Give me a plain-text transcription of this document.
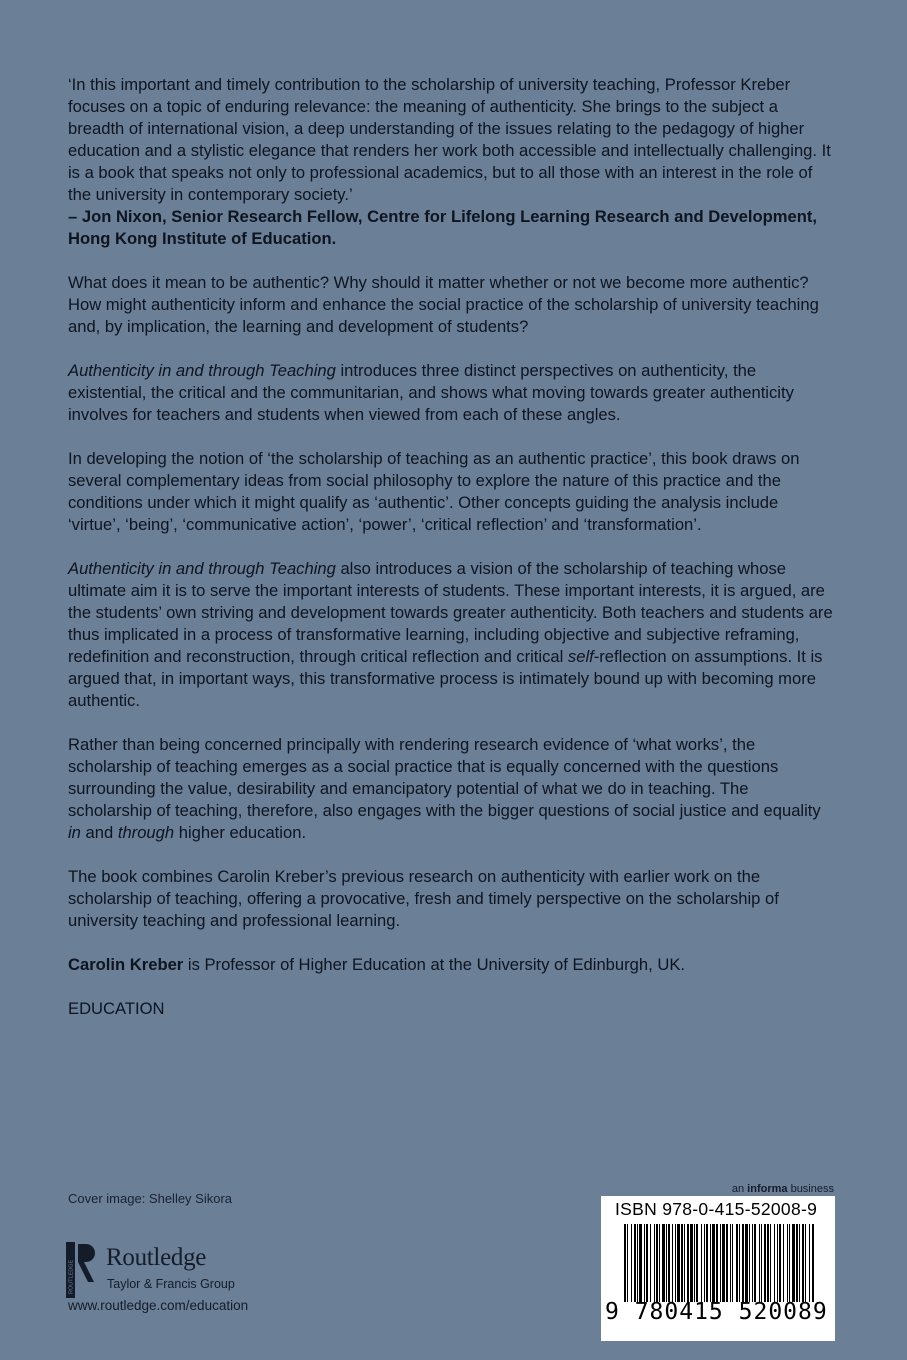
‘In this important and timely contribution to the scholarship of university teaching, Professor Kreber focuses on a topic of enduring relevance: the meaning of authenticity. She brings to the subject a breadth of international vision, a deep understanding of the issues relating to the pedagogy of higher education and a stylistic elegance that renders her work both accessible and intellectually challenging. It is a book that speaks not only to professional academics, but to all those with an interest in the role of the university in contemporary society.’
– Jon Nixon, Senior Research Fellow, Centre for Lifelong Learning Research and Development, Hong Kong Institute of Education.

What does it mean to be authentic? Why should it matter whether or not we become more authentic? How might authenticity inform and enhance the social practice of the scholarship of university teaching and, by implication, the learning and development of students?

Authenticity in and through Teaching introduces three distinct perspectives on authenticity, the existential, the critical and the communitarian, and shows what moving towards greater authenticity involves for teachers and students when viewed from each of these angles.

In developing the notion of ‘the scholarship of teaching as an authentic practice’, this book draws on several complementary ideas from social philosophy to explore the nature of this practice and the conditions under which it might qualify as ‘authentic’. Other concepts guiding the analysis include ‘virtue’, ‘being’, ‘communicative action’, ‘power’, ‘critical reflection’ and ‘transformation’.

Authenticity in and through Teaching also introduces a vision of the scholarship of teaching whose ultimate aim it is to serve the important interests of students. These important interests, it is argued, are the students’ own striving and development towards greater authenticity. Both teachers and students are thus implicated in a process of transformative learning, including objective and subjective reframing, redefinition and reconstruction, through critical reflection and critical self-reflection on assumptions. It is argued that, in important ways, this transformative process is intimately bound up with becoming more authentic.

Rather than being concerned principally with rendering research evidence of ‘what works’, the scholarship of teaching emerges as a social practice that is equally concerned with the questions surrounding the value, desirability and emancipatory potential of what we do in teaching. The scholarship of teaching, therefore, also engages with the bigger questions of social justice and equality in and through higher education.

The book combines Carolin Kreber’s previous research on authenticity with earlier work on the scholarship of teaching, offering a provocative, fresh and timely perspective on the scholarship of university teaching and professional learning.

Carolin Kreber is Professor of Higher Education at the University of Edinburgh, UK.

EDUCATION

Cover image: Shelley Sikora
ROUTLEDGE
Routledge
Taylor & Francis Group
www.routledge.com/education
an informa business
ISBN 978-0-415-52008-9
9 780415 520089
